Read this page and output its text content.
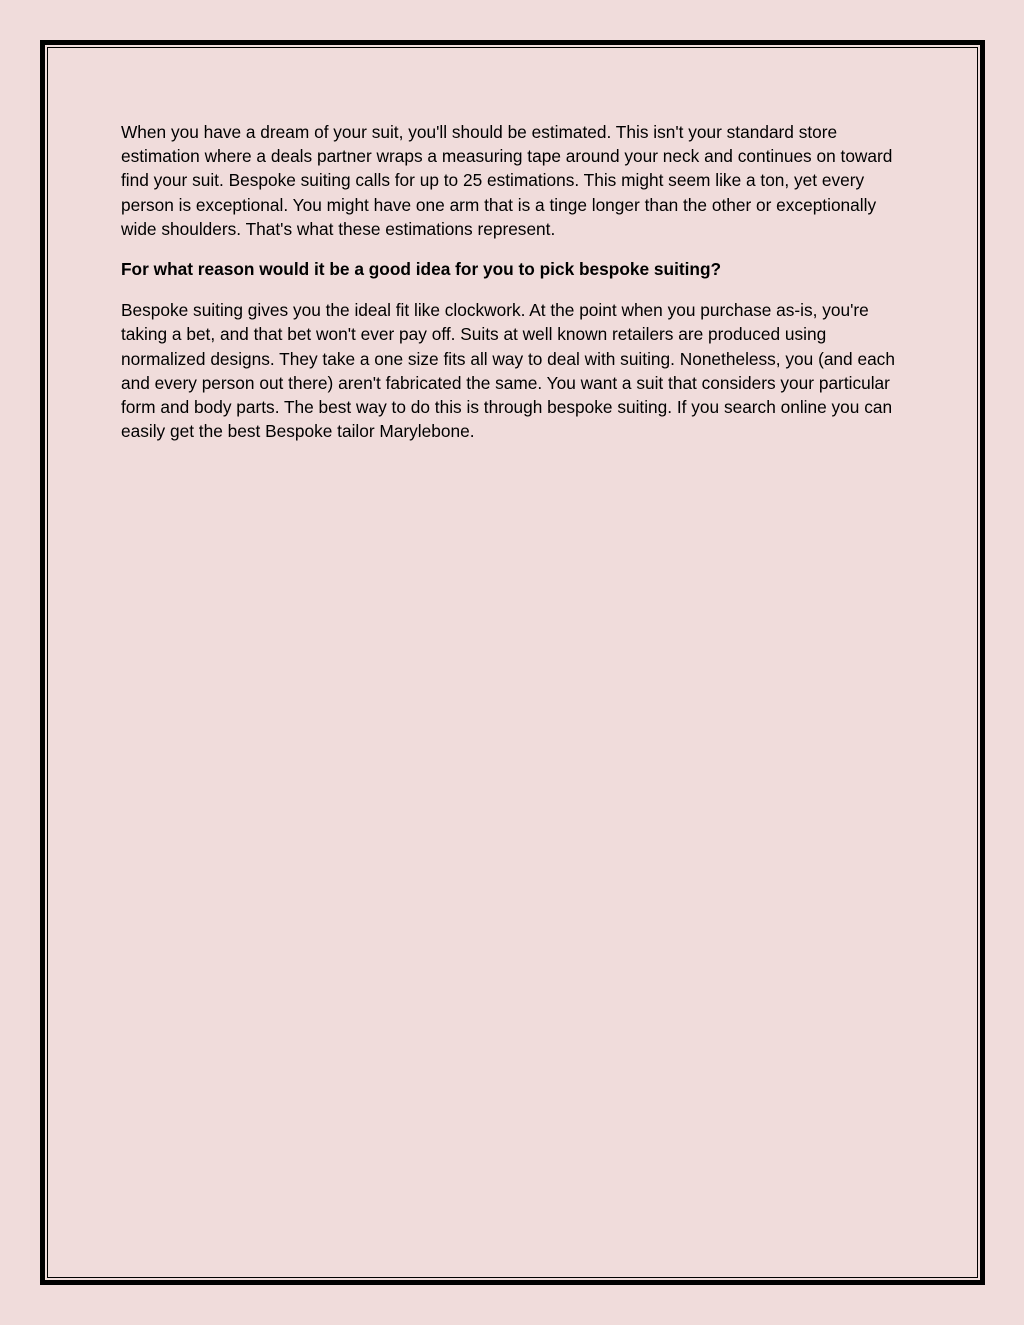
When you have a dream of your suit, you'll should be estimated. This isn't your standard store estimation where a deals partner wraps a measuring tape around your neck and continues on toward find your suit. Bespoke suiting calls for up to 25 estimations. This might seem like a ton, yet every person is exceptional. You might have one arm that is a tinge longer than the other or exceptionally wide shoulders. That's what these estimations represent.

For what reason would it be a good idea for you to pick bespoke suiting?

Bespoke suiting gives you the ideal fit like clockwork. At the point when you purchase as-is, you're taking a bet, and that bet won't ever pay off. Suits at well known retailers are produced using normalized designs. They take a one size fits all way to deal with suiting. Nonetheless, you (and each and every person out there) aren't fabricated the same. You want a suit that considers your particular form and body parts. The best way to do this is through bespoke suiting. If you search online you can easily get the best Bespoke tailor Marylebone.
